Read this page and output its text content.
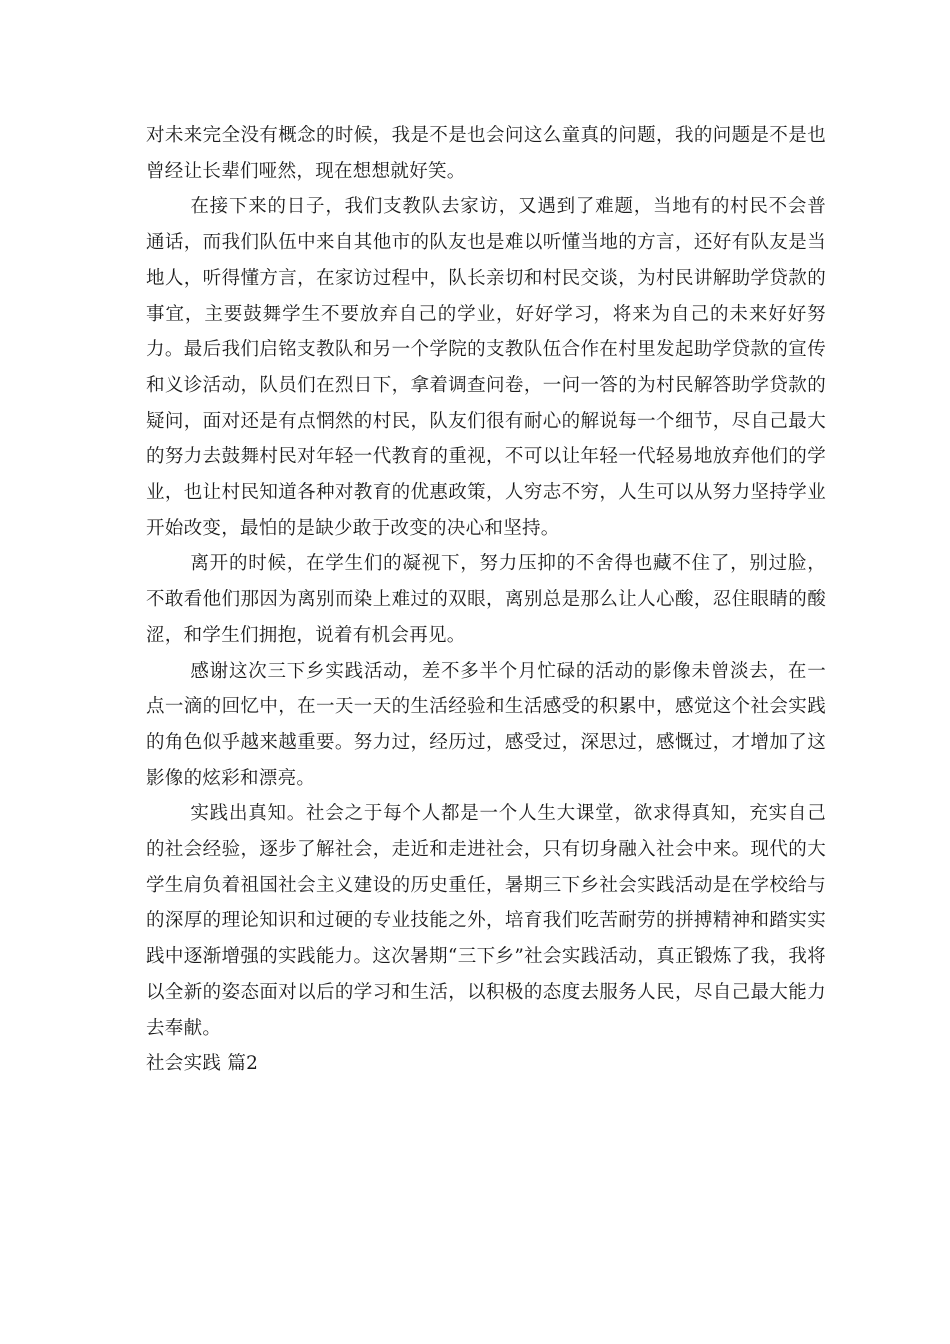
对未来完全没有概念的时候，我是不是也会问这么童真的问题，我的问题是不是也曾经让长辈们哑然，现在想想就好笑。

在接下来的日子，我们支教队去家访，又遇到了难题，当地有的村民不会普通话，而我们队伍中来自其他市的队友也是难以听懂当地的方言，还好有队友是当地人，听得懂方言，在家访过程中，队长亲切和村民交谈，为村民讲解助学贷款的事宜，主要鼓舞学生不要放弃自己的学业，好好学习，将来为自己的未来好好努力。最后我们启铭支教队和另一个学院的支教队伍合作在村里发起助学贷款的宣传和义诊活动，队员们在烈日下，拿着调查问卷，一问一答的为村民解答助学贷款的疑问，面对还是有点惘然的村民，队友们很有耐心的解说每一个细节，尽自己最大的努力去鼓舞村民对年轻一代教育的重视，不可以让年轻一代轻易地放弃他们的学业，也让村民知道各种对教育的优惠政策，人穷志不穷，人生可以从努力坚持学业开始改变，最怕的是缺少敢于改变的决心和坚持。

离开的时候，在学生们的凝视下，努力压抑的不舍得也藏不住了，别过脸，不敢看他们那因为离别而染上难过的双眼，离别总是那么让人心酸，忍住眼睛的酸涩，和学生们拥抱，说着有机会再见。

感谢这次三下乡实践活动，差不多半个月忙碌的活动的影像未曾淡去，在一点一滴的回忆中，在一天一天的生活经验和生活感受的积累中，感觉这个社会实践的角色似乎越来越重要。努力过，经历过，感受过，深思过，感慨过，才增加了这影像的炫彩和漂亮。

实践出真知。社会之于每个人都是一个人生大课堂，欲求得真知，充实自己的社会经验，逐步了解社会，走近和走进社会，只有切身融入社会中来。现代的大学生肩负着祖国社会主义建设的历史重任，暑期三下乡社会实践活动是在学校给与的深厚的理论知识和过硬的专业技能之外，培育我们吃苦耐劳的拼搏精神和踏实实践中逐渐增强的实践能力。这次暑期“三下乡”社会实践活动，真正锻炼了我，我将以全新的姿态面对以后的学习和生活，以积极的态度去服务人民，尽自己最大能力去奉献。

社会实践 篇2
